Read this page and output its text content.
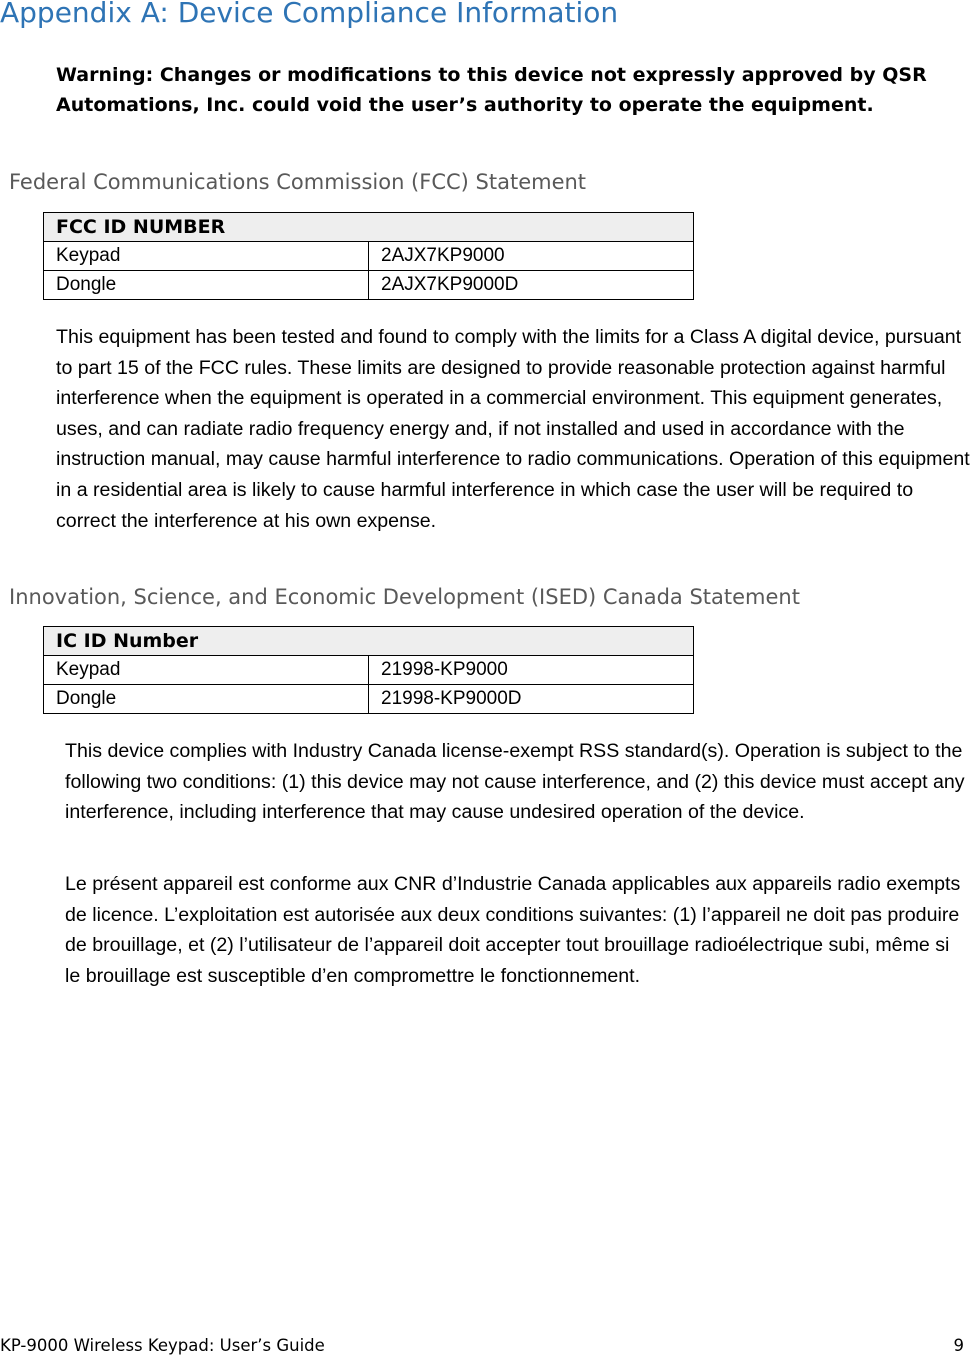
Appendix A: Device Compliance Information

Warning: Changes or modifications to this device not expressly approved by QSR Automations, Inc. could void the user’s authority to operate the equipment.

Federal Communications Commission (FCC) Statement
FCC ID NUMBER	
Keypad	2AJX7KP9000
Dongle	2AJX7KP9000D

This equipment has been tested and found to comply with the limits for a Class A digital device, pursuant to part 15 of the FCC rules. These limits are designed to provide reasonable protection against harmful interference when the equipment is operated in a commercial environment. This equipment generates, uses, and can radiate radio frequency energy and, if not installed and used in accordance with the instruction manual, may cause harmful interference to radio communications. Operation of this equipment in a residential area is likely to cause harmful interference in which case the user will be required to correct the interference at his own expense.

Innovation, Science, and Economic Development (ISED) Canada Statement
IC ID Number	
Keypad	21998-KP9000
Dongle	21998-KP9000D

This device complies with Industry Canada license-exempt RSS standard(s). Operation is subject to the following two conditions: (1) this device may not cause interference, and (2) this device must accept any interference, including interference that may cause undesired operation of the device.

Le présent appareil est conforme aux CNR d’Industrie Canada applicables aux appareils radio exempts de licence. L’exploitation est autorisée aux deux conditions suivantes: (1) l’appareil ne doit pas produire de brouillage, et (2) l’utilisateur de l’appareil doit accepter tout brouillage radioélectrique subi, même si le brouillage est susceptible d’en compromettre le fonctionnement.

KP-9000 Wireless Keypad: User’s Guide	9
